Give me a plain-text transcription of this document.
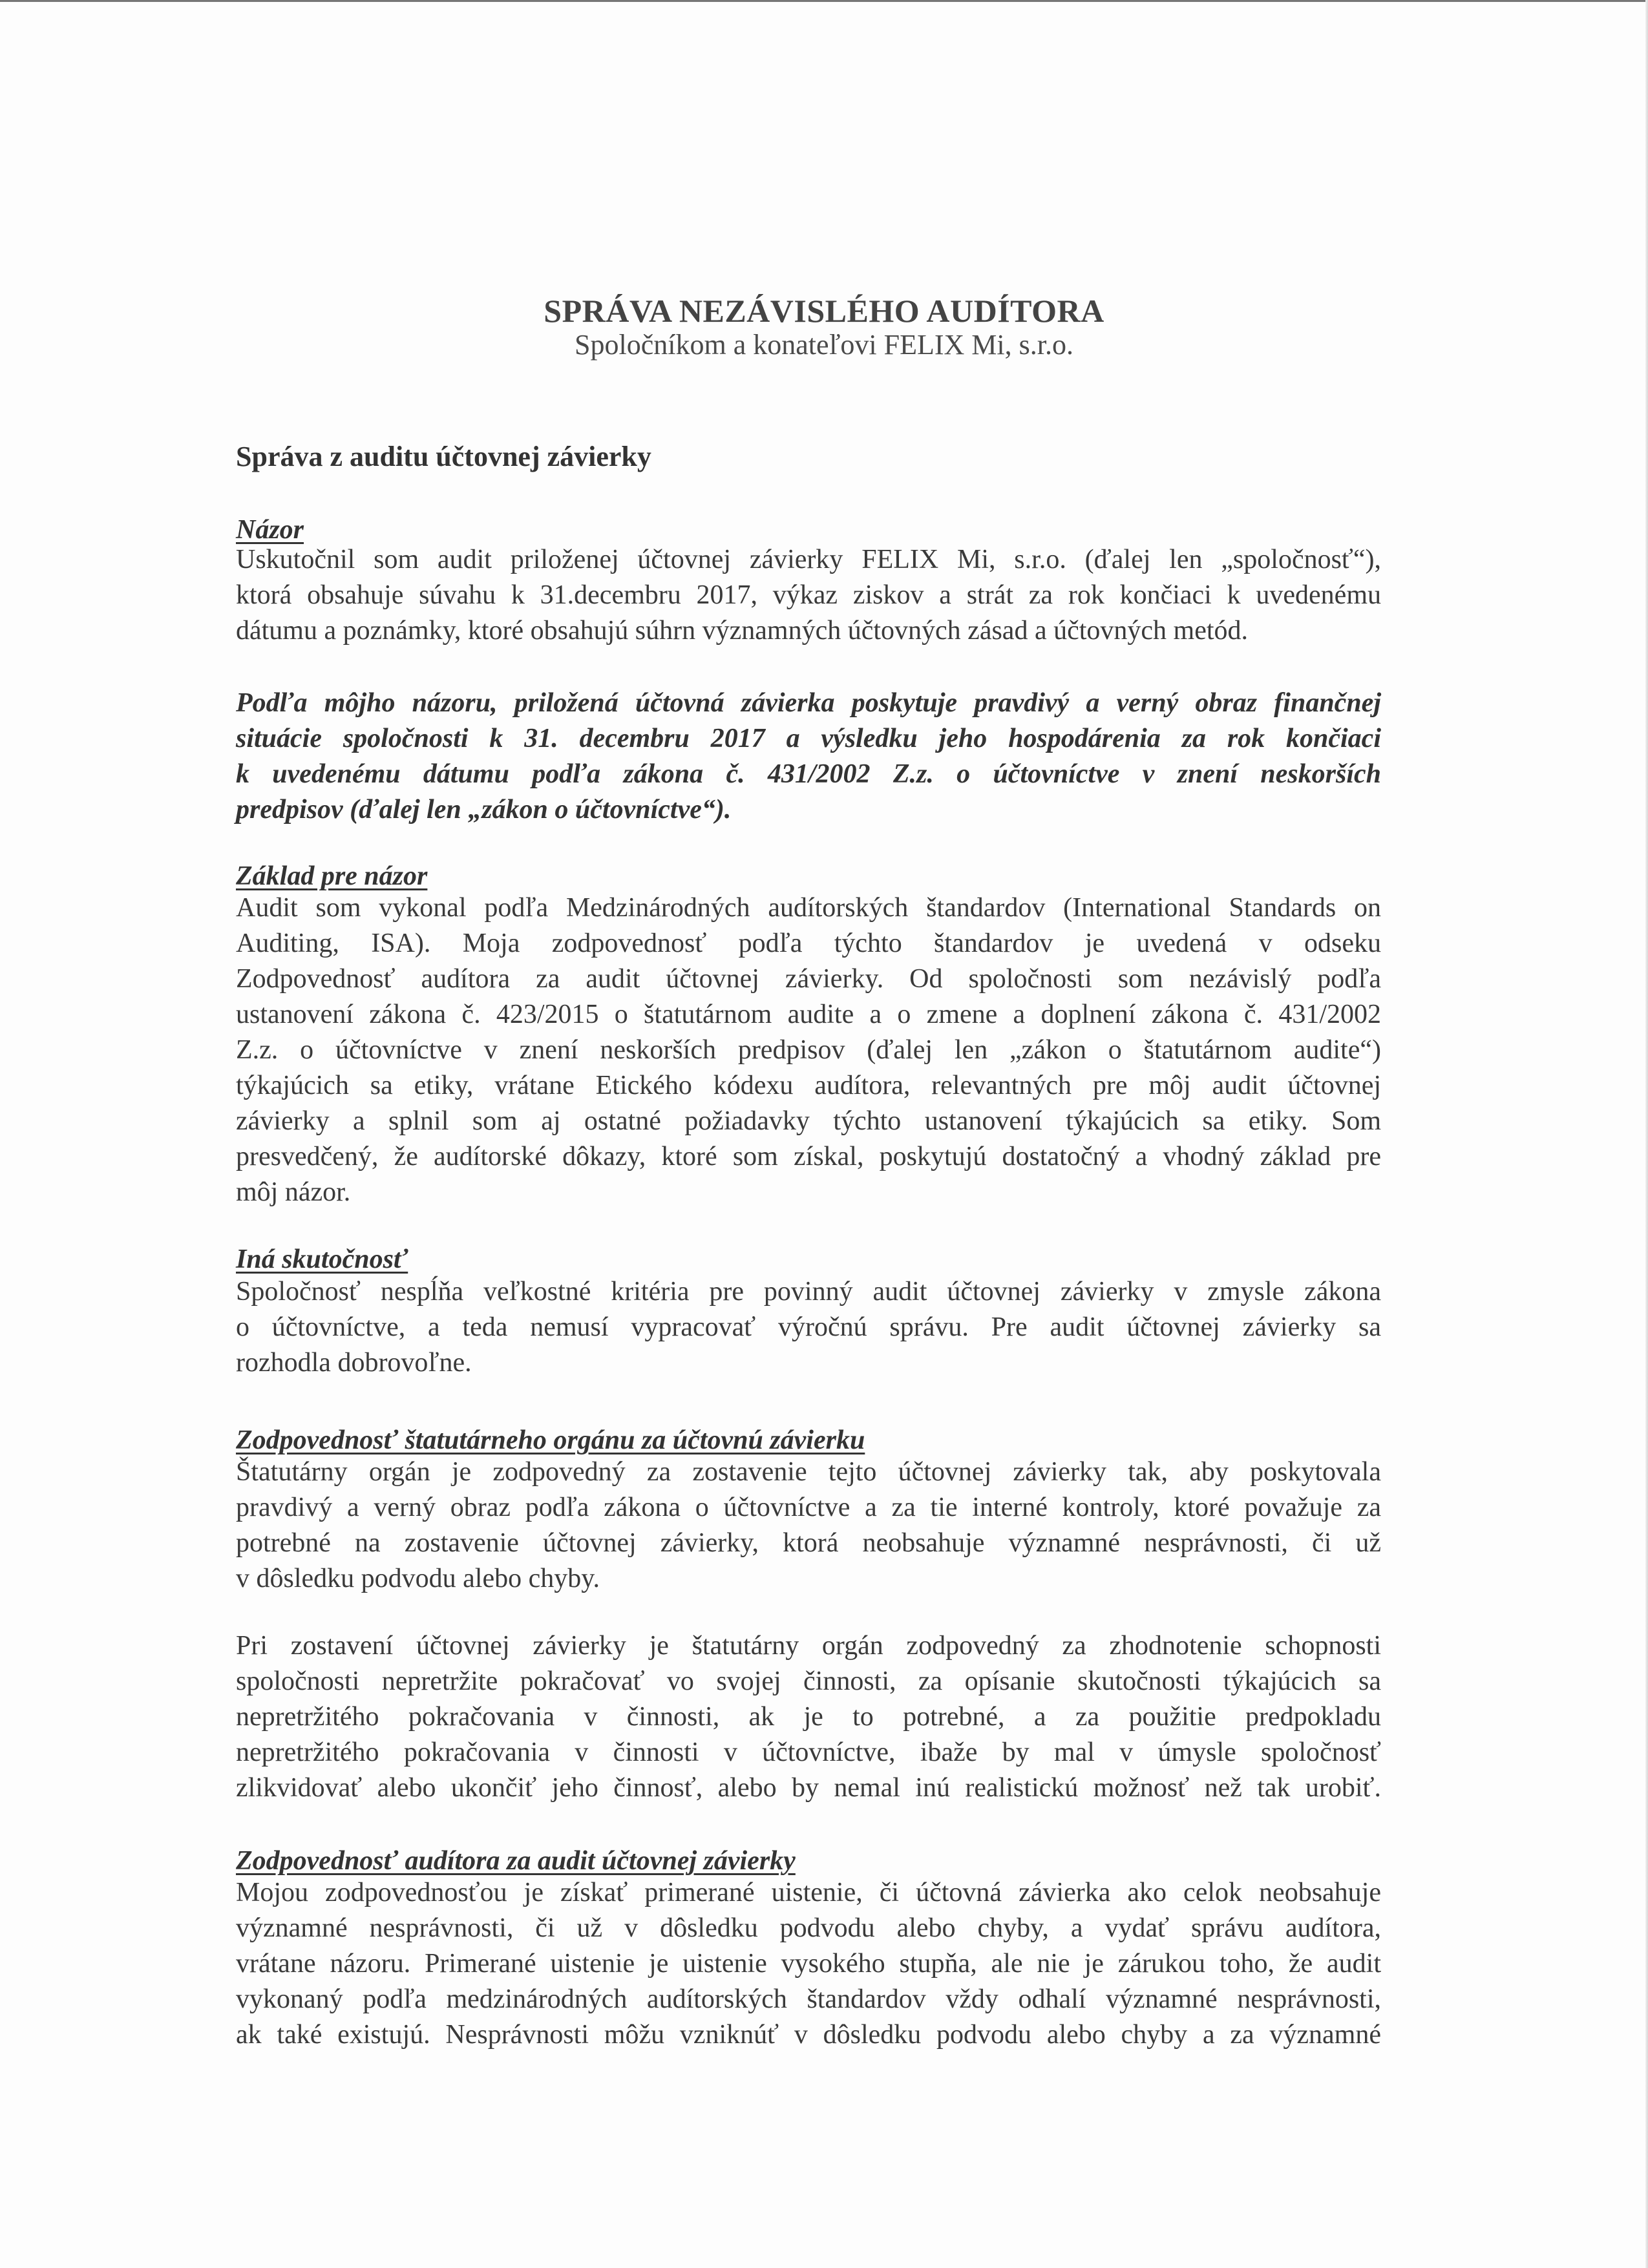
SPRÁVA NEZÁVISLÉHO AUDÍTORA
Spoločníkom a konateľovi FELIX Mi, s.r.o.
Správa z auditu účtovnej závierky
Názor
Uskutočnil som audit priloženej účtovnej závierky FELIX Mi, s.r.o. (ďalej len „spoločnosť“),
ktorá obsahuje súvahu k 31.decembru 2017, výkaz ziskov a strát za rok končiaci k uvedenému
dátumu a poznámky, ktoré obsahujú súhrn významných účtovných zásad a účtovných metód.
Podľa môjho názoru, priložená účtovná závierka poskytuje pravdivý a verný obraz finančnej
situácie spoločnosti k 31. decembru 2017 a výsledku jeho hospodárenia za rok končiaci
k uvedenému dátumu podľa zákona č. 431/2002 Z.z. o účtovníctve v znení neskorších
predpisov (ďalej len „zákon o účtovníctve“).
Základ pre názor
Audit som vykonal podľa Medzinárodných audítorských štandardov (International Standards on
Auditing, ISA). Moja zodpovednosť podľa týchto štandardov je uvedená v odseku
Zodpovednosť audítora za audit účtovnej závierky. Od spoločnosti som nezávislý podľa
ustanovení zákona č. 423/2015 o štatutárnom audite a o zmene a doplnení zákona č. 431/2002
Z.z. o účtovníctve v znení neskorších predpisov (ďalej len „zákon o štatutárnom audite“)
týkajúcich sa etiky, vrátane Etického kódexu audítora, relevantných pre môj audit účtovnej
závierky a splnil som aj ostatné požiadavky týchto ustanovení týkajúcich sa etiky. Som
presvedčený, že audítorské dôkazy, ktoré som získal, poskytujú dostatočný a vhodný základ pre
môj názor.
Iná skutočnosť
Spoločnosť nespĺňa veľkostné kritéria pre povinný audit účtovnej závierky v zmysle zákona
o účtovníctve, a teda nemusí vypracovať výročnú správu. Pre audit účtovnej závierky sa
rozhodla dobrovoľne.
Zodpovednosť štatutárneho orgánu za účtovnú závierku
Štatutárny orgán je zodpovedný za zostavenie tejto účtovnej závierky tak, aby poskytovala
pravdivý a verný obraz podľa zákona o účtovníctve a za tie interné kontroly, ktoré považuje za
potrebné na zostavenie účtovnej závierky, ktorá neobsahuje významné nesprávnosti, či už
v dôsledku podvodu alebo chyby.
Pri zostavení účtovnej závierky je štatutárny orgán zodpovedný za zhodnotenie schopnosti
spoločnosti nepretržite pokračovať vo svojej činnosti, za opísanie skutočnosti týkajúcich sa
nepretržitého pokračovania v činnosti, ak je to potrebné, a za použitie predpokladu
nepretržitého pokračovania v činnosti v účtovníctve, ibaže by mal v úmysle spoločnosť
zlikvidovať alebo ukončiť jeho činnosť, alebo by nemal inú realistickú možnosť než tak urobiť.
Zodpovednosť audítora za audit účtovnej závierky
Mojou zodpovednosťou je získať primerané uistenie, či účtovná závierka ako celok neobsahuje
významné nesprávnosti, či už v dôsledku podvodu alebo chyby, a vydať správu audítora,
vrátane názoru. Primerané uistenie je uistenie vysokého stupňa, ale nie je zárukou toho, že audit
vykonaný podľa medzinárodných audítorských štandardov vždy odhalí významné nesprávnosti,
ak také existujú. Nesprávnosti môžu vzniknúť v dôsledku podvodu alebo chyby a za významné
